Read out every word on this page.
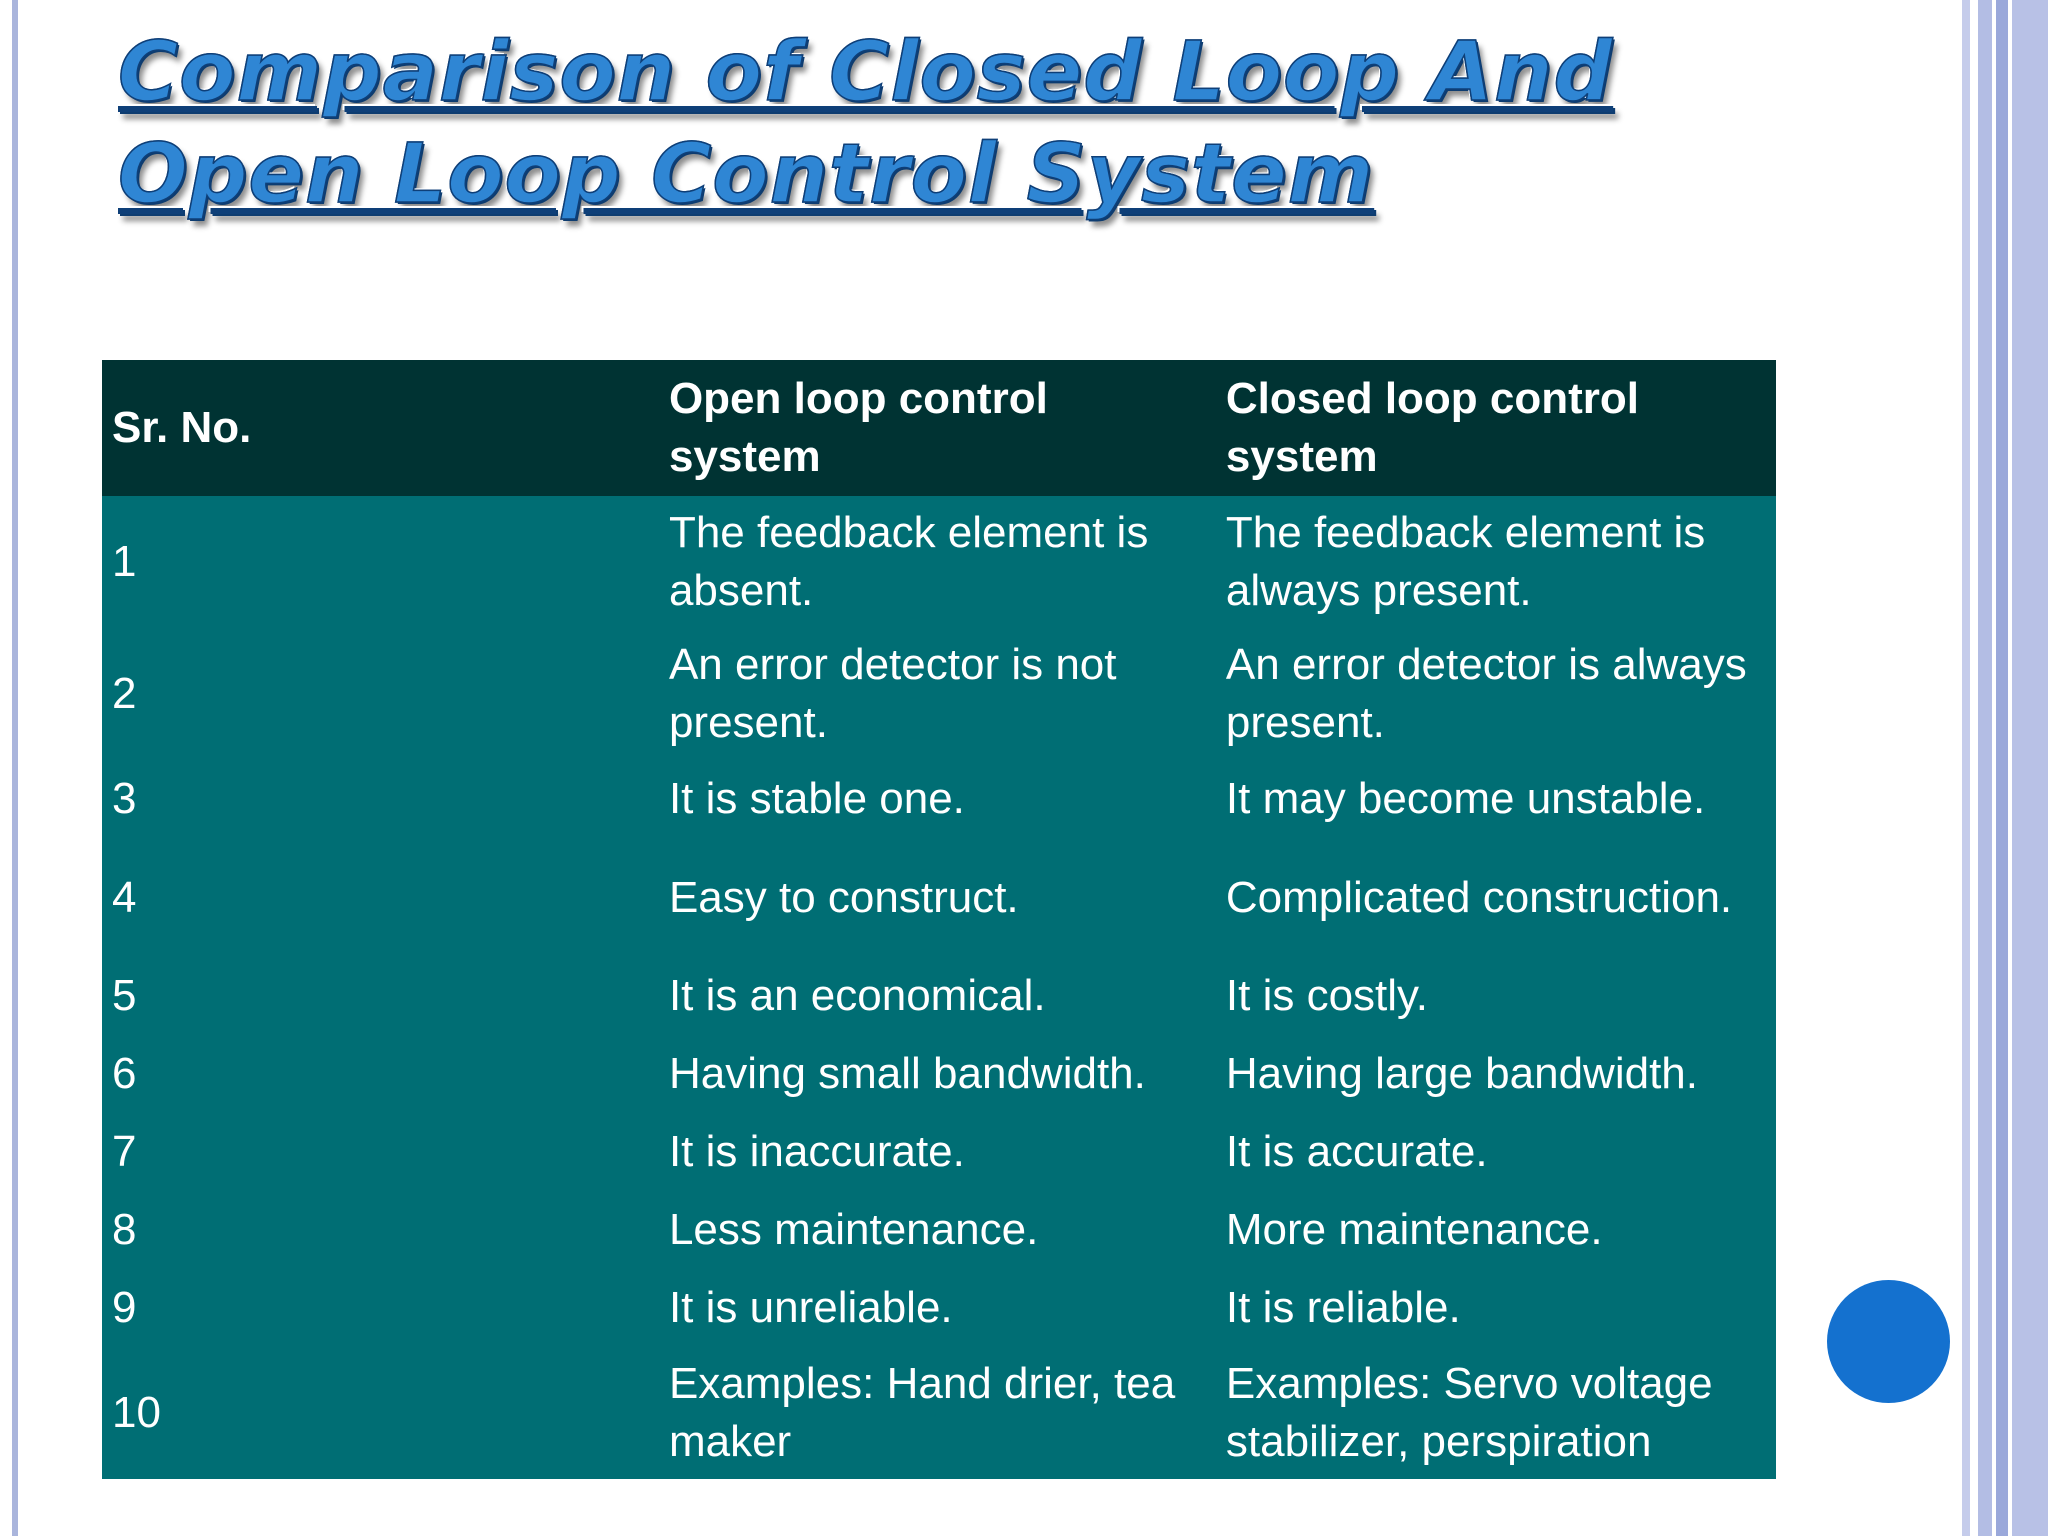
Comparison of Closed Loop And
Open Loop Control System
Sr. No.	Open loop control system	Closed loop control system
1	The feedback element is absent.	The feedback element is always present.
2	An error detector is not present.	An error detector is always present.
3	It is stable one.	It may become unstable.
4	Easy to construct.	Complicated construction.
5	It is an economical.	It is costly.
6	Having small bandwidth.	Having large bandwidth.
7	It is inaccurate.	It is accurate.
8	Less maintenance.	More maintenance.
9	It is unreliable.	It is reliable.
10	Examples: Hand drier, tea maker	Examples: Servo voltage stabilizer, perspiration
